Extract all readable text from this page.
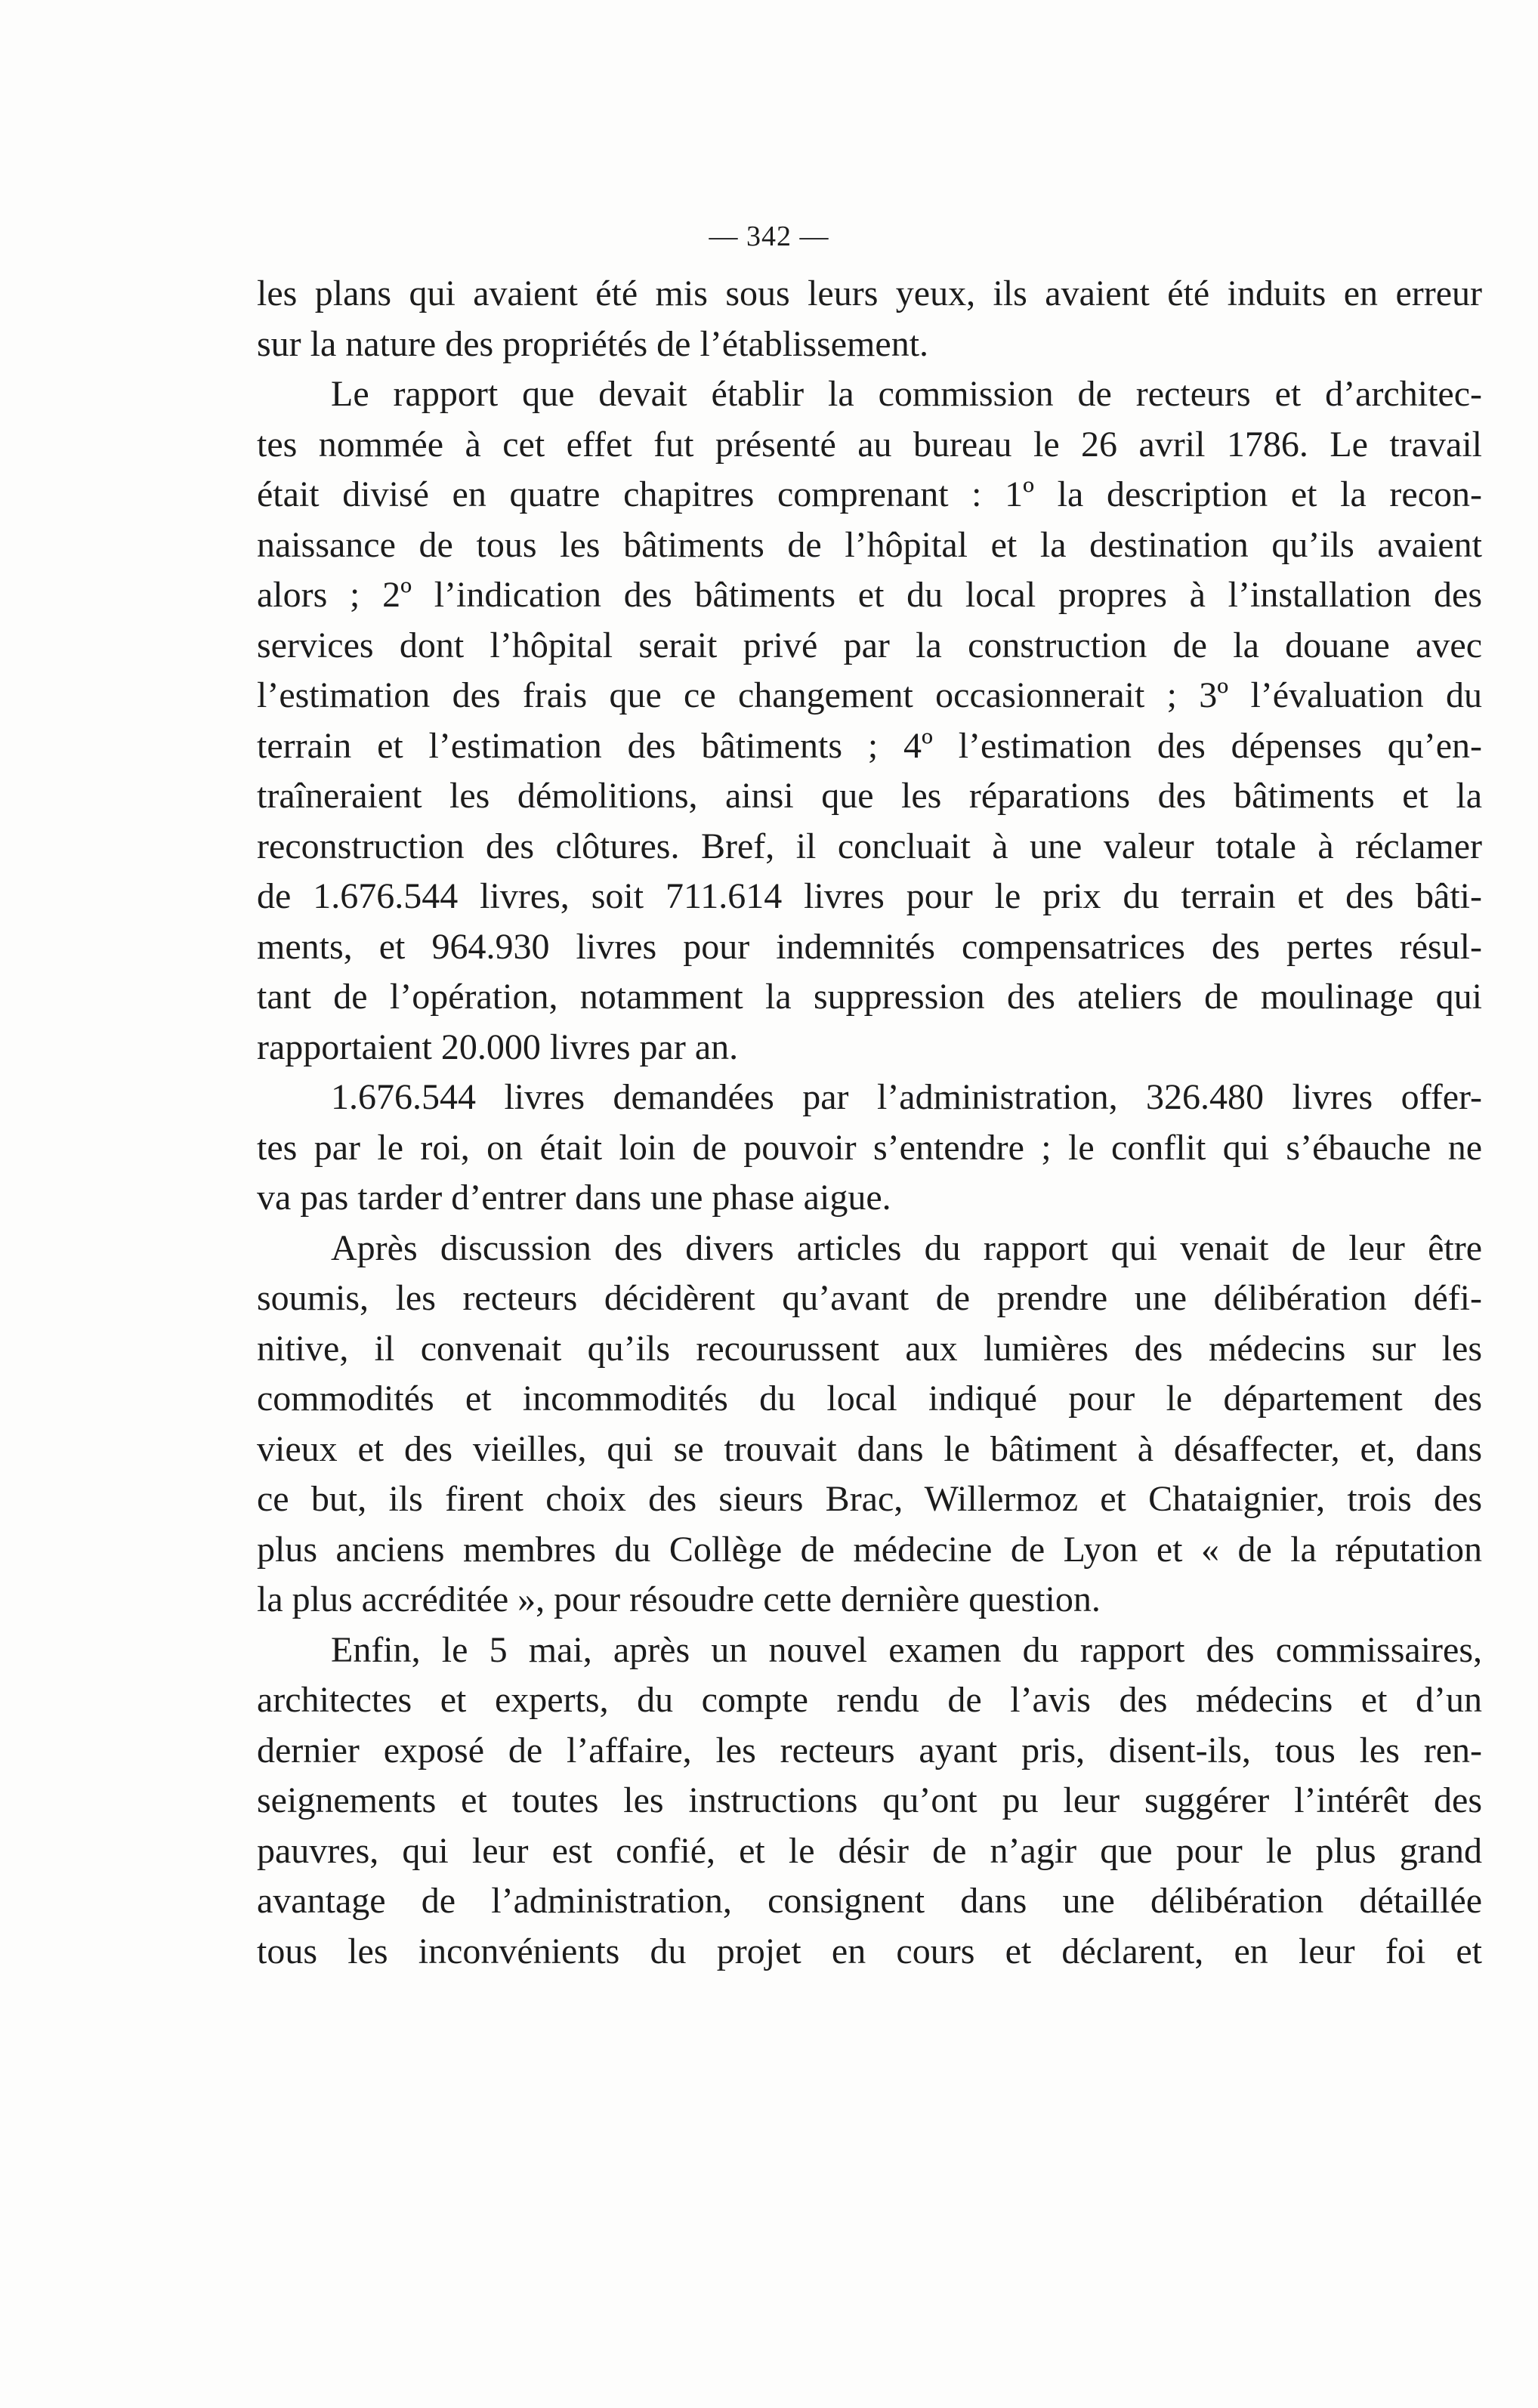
— 342 —
les plans qui avaient été mis sous leurs yeux, ils avaient été induits en erreur
sur la nature des propriétés de l’établissement.
Le rapport que devait établir la commission de recteurs et d’architec-
tes nommée à cet effet fut présenté au bureau le 26 avril 1786. Le travail
était divisé en quatre chapitres comprenant : 1º la description et la recon-
naissance de tous les bâtiments de l’hôpital et la destination qu’ils avaient
alors ; 2º l’indication des bâtiments et du local propres à l’installation des
services dont l’hôpital serait privé par la construction de la douane avec
l’estimation des frais que ce changement occasionnerait ; 3º l’évaluation du
terrain et l’estimation des bâtiments ; 4º l’estimation des dépenses qu’en-
traîneraient les démolitions, ainsi que les réparations des bâtiments et la
reconstruction des clôtures. Bref, il concluait à une valeur totale à réclamer
de 1.676.544 livres, soit 711.614 livres pour le prix du terrain et des bâti-
ments, et 964.930 livres pour indemnités compensatrices des pertes résul-
tant de l’opération, notamment la suppression des ateliers de moulinage qui
rapportaient 20.000 livres par an.
1.676.544 livres demandées par l’administration, 326.480 livres offer-
tes par le roi, on était loin de pouvoir s’entendre ; le conflit qui s’ébauche ne
va pas tarder d’entrer dans une phase aigue.
Après discussion des divers articles du rapport qui venait de leur être
soumis, les recteurs décidèrent qu’avant de prendre une délibération défi-
nitive, il convenait qu’ils recourussent aux lumières des médecins sur les
commodités et incommodités du local indiqué pour le département des
vieux et des vieilles, qui se trouvait dans le bâtiment à désaffecter, et, dans
ce but, ils firent choix des sieurs Brac, Willermoz et Chataignier, trois des
plus anciens membres du Collège de médecine de Lyon et « de la réputation
la plus accréditée », pour résoudre cette dernière question.
Enfin, le 5 mai, après un nouvel examen du rapport des commissaires,
architectes et experts, du compte rendu de l’avis des médecins et d’un
dernier exposé de l’affaire, les recteurs ayant pris, disent-ils, tous les ren-
seignements et toutes les instructions qu’ont pu leur suggérer l’intérêt des
pauvres, qui leur est confié, et le désir de n’agir que pour le plus grand
avantage de l’administration, consignent dans une délibération détaillée
tous les inconvénients du projet en cours et déclarent, en leur foi et
